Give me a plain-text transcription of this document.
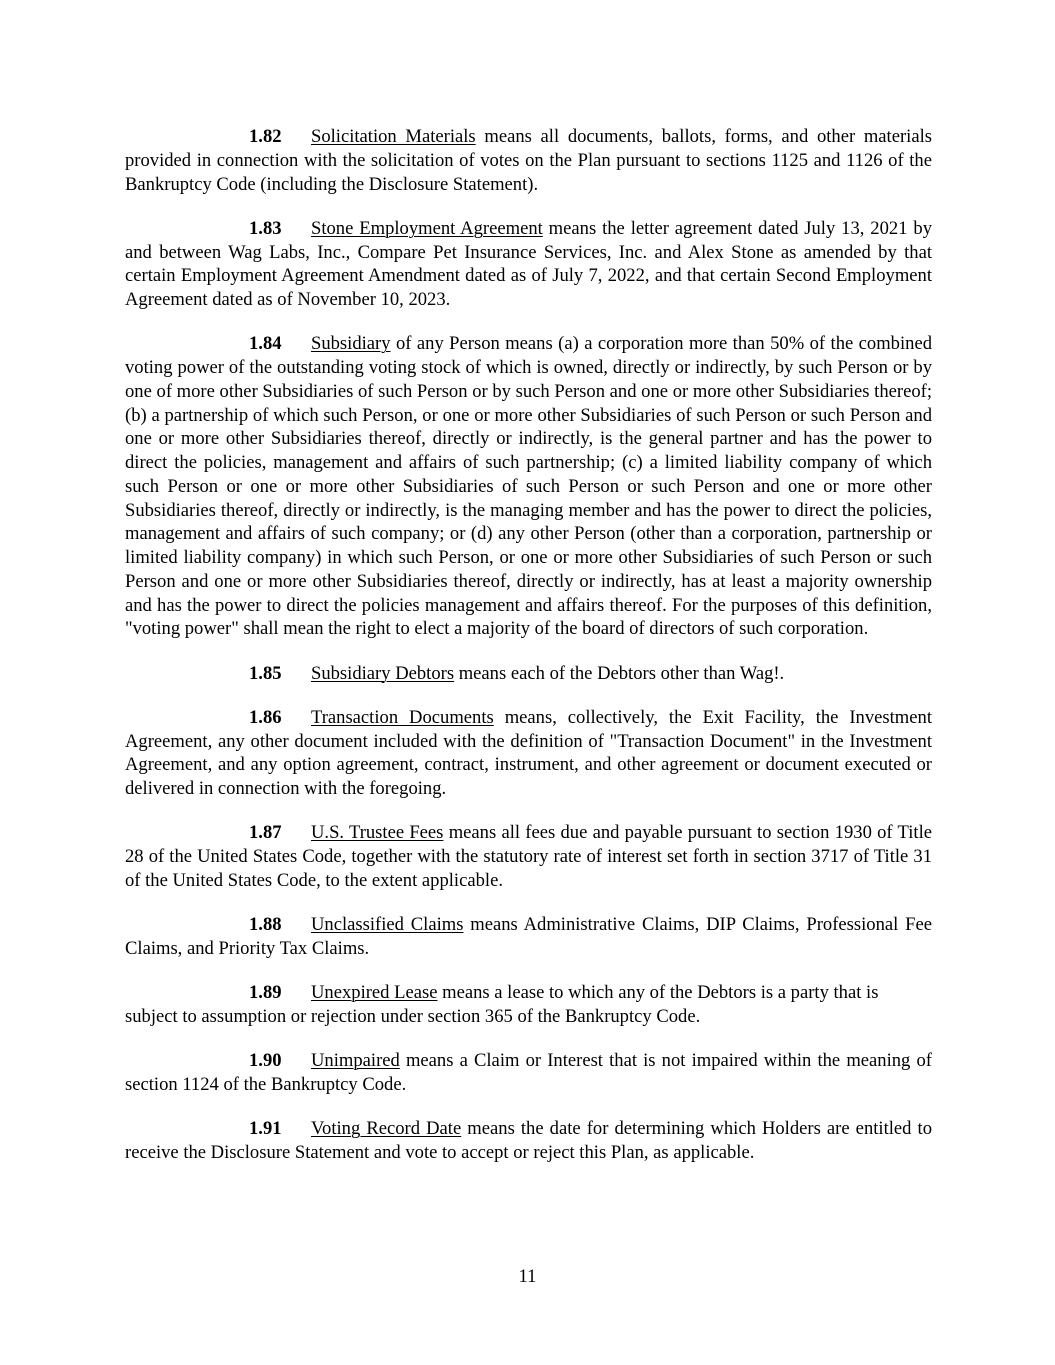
1.82 Solicitation Materials means all documents, ballots, forms, and other materials provided in connection with the solicitation of votes on the Plan pursuant to sections 1125 and 1126 of the Bankruptcy Code (including the Disclosure Statement).

1.83 Stone Employment Agreement means the letter agreement dated July 13, 2021 by and between Wag Labs, Inc., Compare Pet Insurance Services, Inc. and Alex Stone as amended by that certain Employment Agreement Amendment dated as of July 7, 2022, and that certain Second Employment Agreement dated as of November 10, 2023.

1.84 Subsidiary of any Person means (a) a corporation more than 50% of the combined voting power of the outstanding voting stock of which is owned, directly or indirectly, by such Person or by one of more other Subsidiaries of such Person or by such Person and one or more other Subsidiaries thereof; (b) a partnership of which such Person, or one or more other Subsidiaries of such Person or such Person and one or more other Subsidiaries thereof, directly or indirectly, is the general partner and has the power to direct the policies, management and affairs of such partnership; (c) a limited liability company of which such Person or one or more other Subsidiaries of such Person or such Person and one or more other Subsidiaries thereof, directly or indirectly, is the managing member and has the power to direct the policies, management and affairs of such company; or (d) any other Person (other than a corporation, partnership or limited liability company) in which such Person, or one or more other Subsidiaries of such Person or such Person and one or more other Subsidiaries thereof, directly or indirectly, has at least a majority ownership and has the power to direct the policies management and affairs thereof. For the purposes of this definition, "voting power" shall mean the right to elect a majority of the board of directors of such corporation.

1.85 Subsidiary Debtors means each of the Debtors other than Wag!.

1.86 Transaction Documents means, collectively, the Exit Facility, the Investment Agreement, any other document included with the definition of "Transaction Document" in the Investment Agreement, and any option agreement, contract, instrument, and other agreement or document executed or delivered in connection with the foregoing.

1.87 U.S. Trustee Fees means all fees due and payable pursuant to section 1930 of Title 28 of the United States Code, together with the statutory rate of interest set forth in section 3717 of Title 31 of the United States Code, to the extent applicable.

1.88 Unclassified Claims means Administrative Claims, DIP Claims, Professional Fee Claims, and Priority Tax Claims.

1.89 Unexpired Lease means a lease to which any of the Debtors is a party that is subject to assumption or rejection under section 365 of the Bankruptcy Code.

1.90 Unimpaired means a Claim or Interest that is not impaired within the meaning of section 1124 of the Bankruptcy Code.

1.91 Voting Record Date means the date for determining which Holders are entitled to receive the Disclosure Statement and vote to accept or reject this Plan, as applicable.

11
